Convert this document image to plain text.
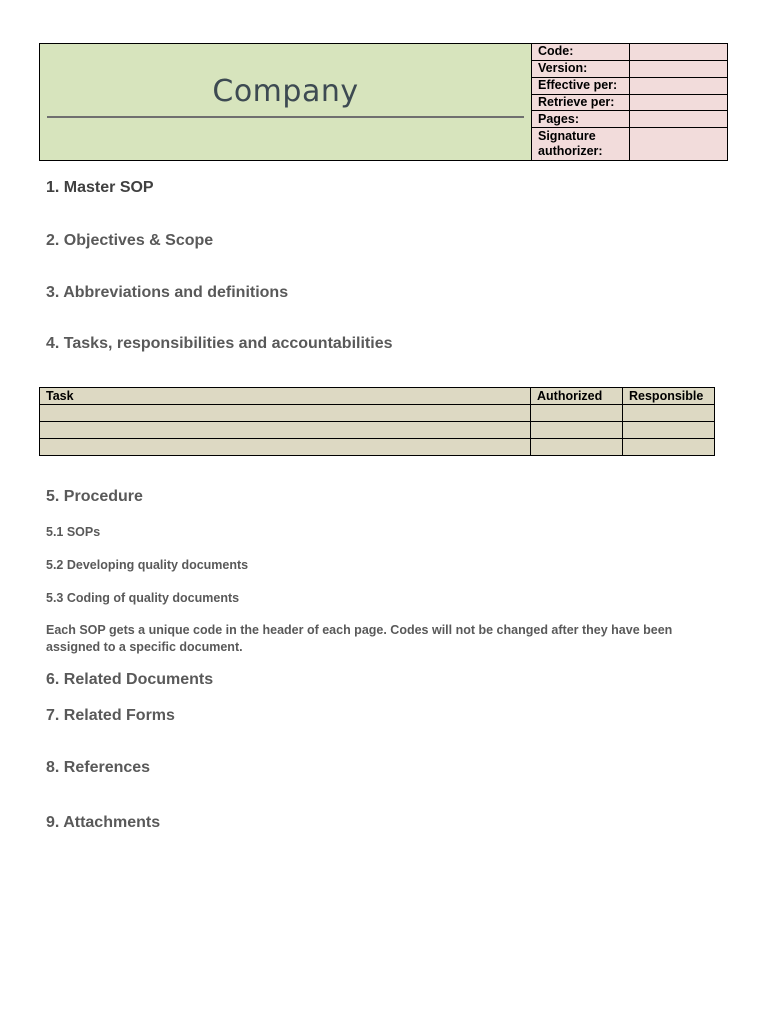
Company
Code:	
Version:	
Effective per:	
Retrieve per:	
Pages:	
Signature authorizer:	
1. Master SOP
2. Objectives & Scope
3. Abbreviations and definitions
4. Tasks, responsibilities and accountabilities
Task	Authorized	Responsible

5. Procedure
5.1 SOPs
5.2 Developing quality documents
5.3 Coding of quality documents
Each SOP gets a unique code in the header of each page. Codes will not be changed after they have been assigned to a specific document.
6. Related Documents
7. Related Forms
8. References
9. Attachments
